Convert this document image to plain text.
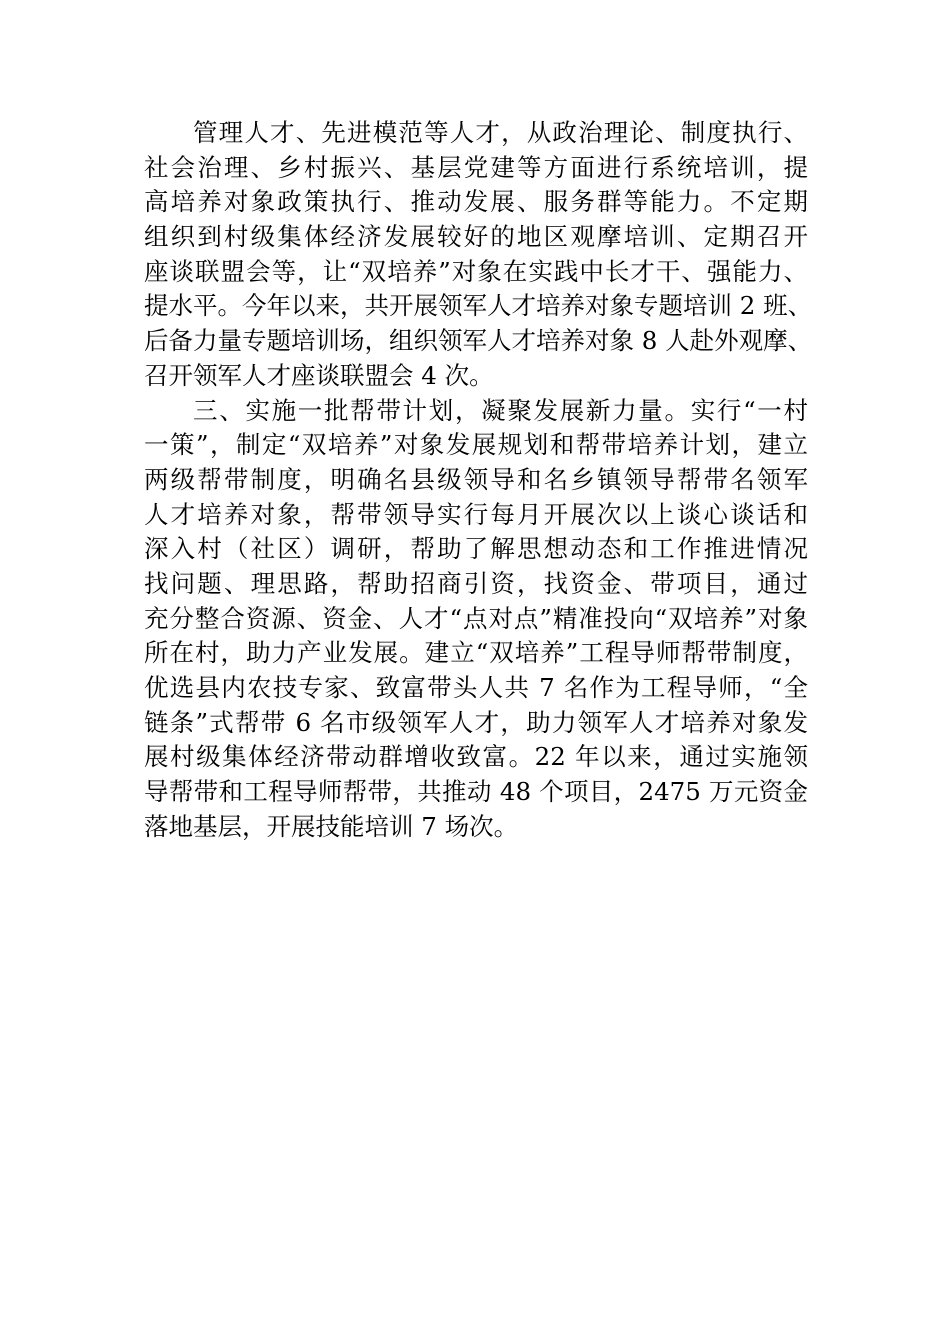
管理人才、先进模范等人才，从政治理论、制度执行、
社会治理、乡村振兴、基层党建等方面进行系统培训，提
高培养对象政策执行、推动发展、服务群等能力。不定期
组织到村级集体经济发展较好的地区观摩培训、定期召开
座谈联盟会等，让“双培养”对象在实践中长才干、强能力、
提水平。今年以来，共开展领军人才培养对象专题培训 2 班、
后备力量专题培训场，组织领军人才培养对象 8 人赴外观摩、
召开领军人才座谈联盟会 4 次。
三、实施一批帮带计划，凝聚发展新力量。实行“一村
一策”，制定“双培养”对象发展规划和帮带培养计划，建立
两级帮带制度，明确名县级领导和名乡镇领导帮带名领军
人才培养对象，帮带领导实行每月开展次以上谈心谈话和
深入村（社区）调研，帮助了解思想动态和工作推进情况
找问题、理思路，帮助招商引资，找资金、带项目，通过
充分整合资源、资金、人才“点对点”精准投向“双培养”对象
所在村，助力产业发展。建立“双培养”工程导师帮带制度，
优选县内农技专家、致富带头人共 7 名作为工程导师，“全
链条”式帮带 6 名市级领军人才，助力领军人才培养对象发
展村级集体经济带动群增收致富。22 年以来，通过实施领
导帮带和工程导师帮带，共推动 48 个项目，2475 万元资金
落地基层，开展技能培训 7 场次。
